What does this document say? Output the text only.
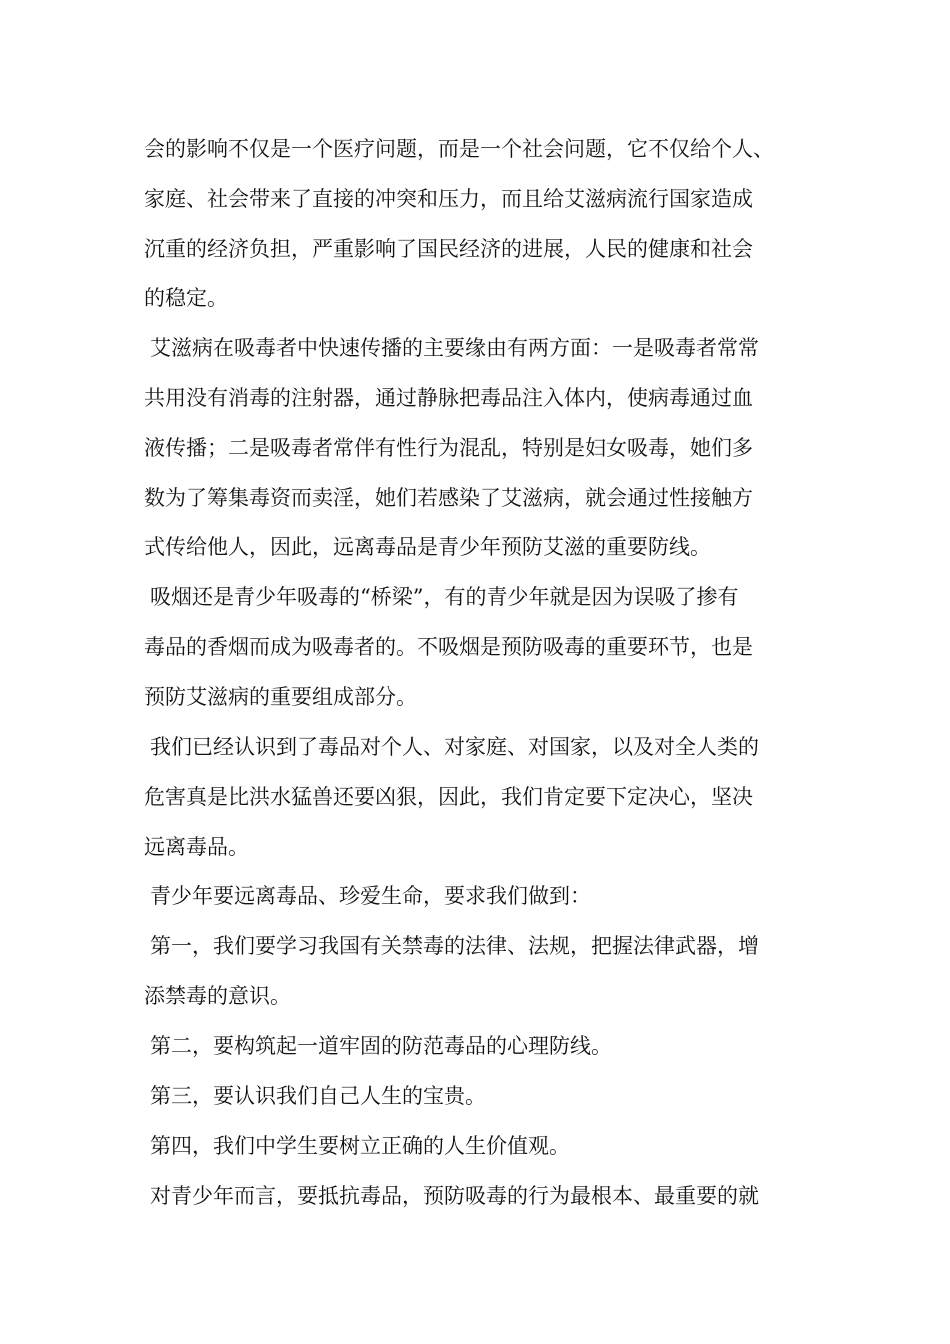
会的影响不仅是一个医疗问题，而是一个社会问题，它不仅给个人、
家庭、社会带来了直接的冲突和压力，而且给艾滋病流行国家造成
沉重的经济负担，严重影响了国民经济的进展，人民的健康和社会
的稳定。
艾滋病在吸毒者中快速传播的主要缘由有两方面：一是吸毒者常常
共用没有消毒的注射器，通过静脉把毒品注入体内，使病毒通过血
液传播；二是吸毒者常伴有性行为混乱，特别是妇女吸毒，她们多
数为了筹集毒资而卖淫，她们若感染了艾滋病，就会通过性接触方
式传给他人，因此，远离毒品是青少年预防艾滋的重要防线。
吸烟还是青少年吸毒的“桥梁”，有的青少年就是因为误吸了掺有
毒品的香烟而成为吸毒者的。不吸烟是预防吸毒的重要环节，也是
预防艾滋病的重要组成部分。
我们已经认识到了毒品对个人、对家庭、对国家，以及对全人类的
危害真是比洪水猛兽还要凶狠，因此，我们肯定要下定决心，坚决
远离毒品。
青少年要远离毒品、珍爱生命，要求我们做到：
第一，我们要学习我国有关禁毒的法律、法规，把握法律武器，增
添禁毒的意识。
第二，要构筑起一道牢固的防范毒品的心理防线。
第三，要认识我们自己人生的宝贵。
第四，我们中学生要树立正确的人生价值观。
对青少年而言，要抵抗毒品，预防吸毒的行为最根本、最重要的就
